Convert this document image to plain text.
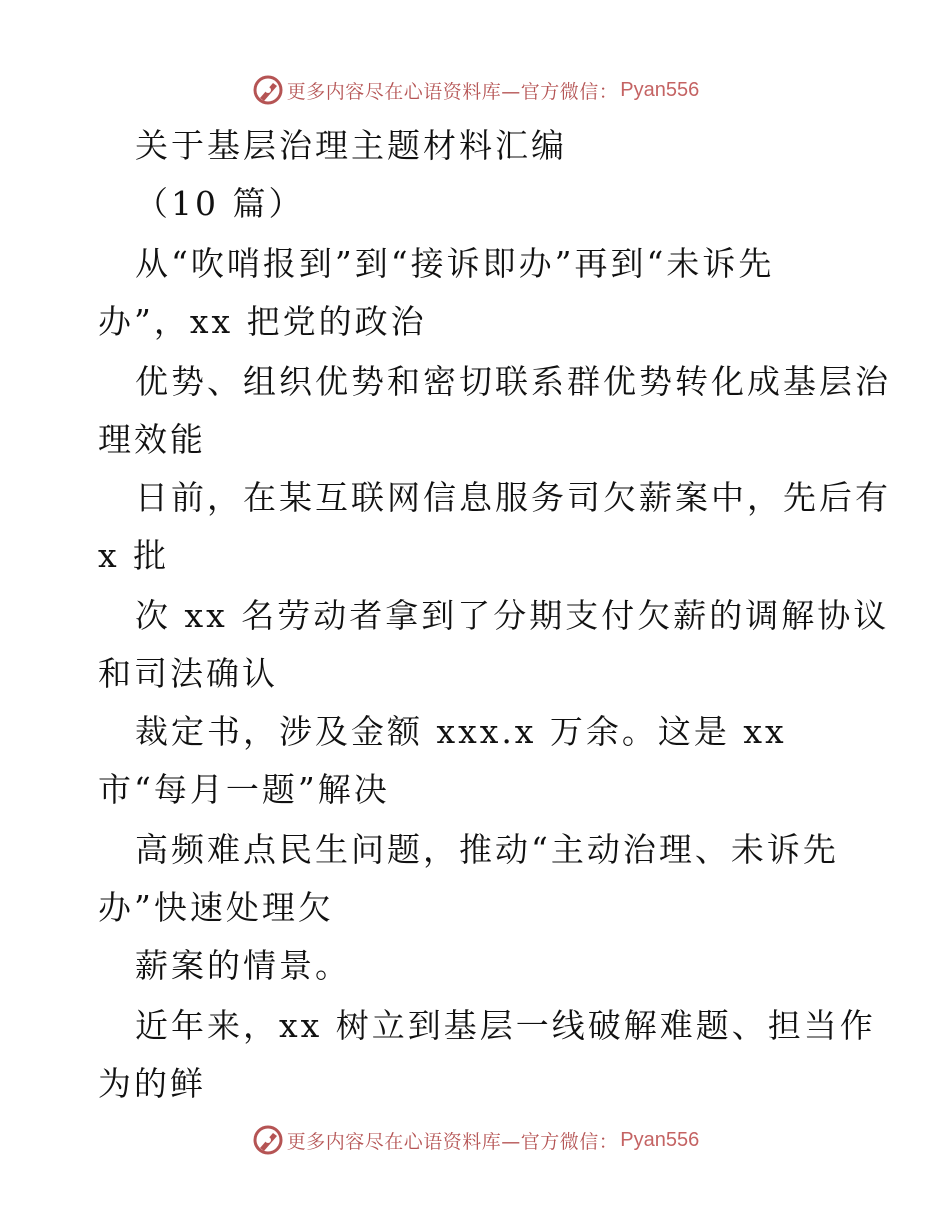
更多内容尽在心语资料库—官方微信： Pyan556
关于基层治理主题材料汇编
（10 篇）
从“吹哨报到”到“接诉即办”再到“未诉先
办”，xx 把党的政治
优势、组织优势和密切联系群优势转化成基层治
理效能
日前，在某互联网信息服务司欠薪案中，先后有
x 批
次 xx 名劳动者拿到了分期支付欠薪的调解协议
和司法确认
裁定书，涉及金额 xxx.x 万余。这是 xx
市“每月一题”解决
高频难点民生问题，推动“主动治理、未诉先
办”快速处理欠
薪案的情景。
近年来，xx 树立到基层一线破解难题、担当作
为的鲜
更多内容尽在心语资料库—官方微信： Pyan556
